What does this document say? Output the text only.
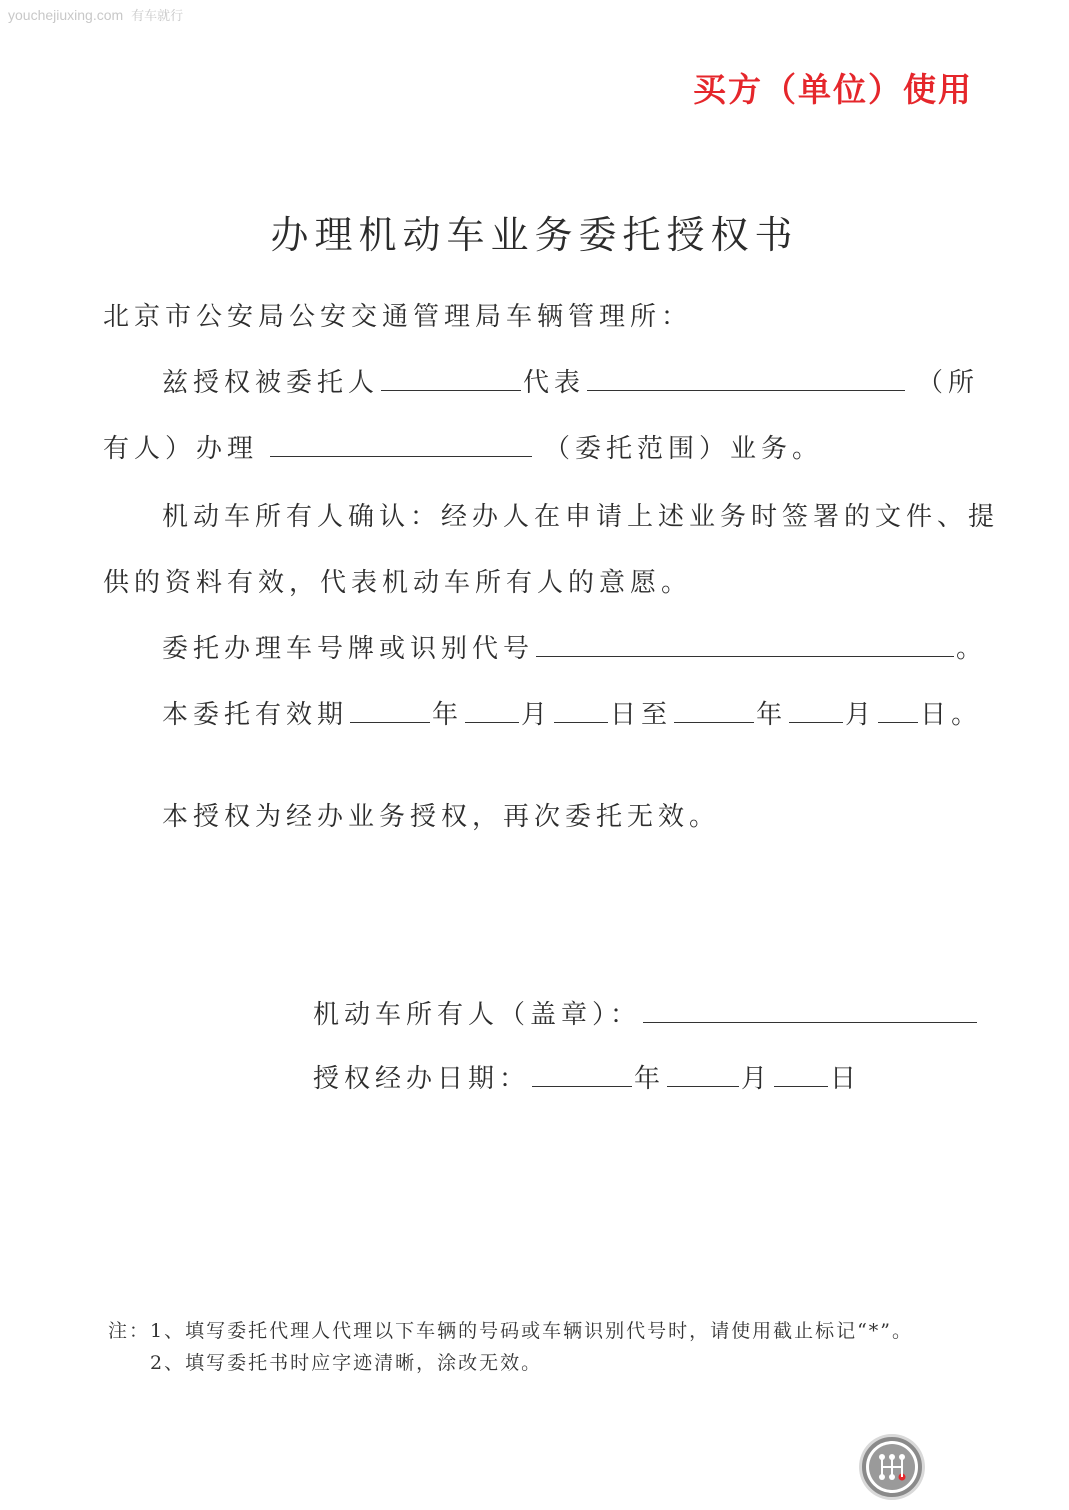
youchejiuxing.com 有车就行
买方（单位）使用
办理机动车业务委托授权书
北京市公安局公安交通管理局车辆管理所：
兹授权被委托人	代表	（所
有人）办理	（委托范围）业务。
机动车所有人确认：经办人在申请上述业务时签署的文件、提
供的资料有效，代表机动车所有人的意愿。
委托办理车号牌或识别代号	。
本委托有效期	年 月 日至	年 月 日。
本授权为经办业务授权，再次委托无效。
机动车所有人（盖章）：
授权经办日期：	年	月 日
注：1、填写委托代理人代理以下车辆的号码或车辆识别代号时，请使用截止标记“*”。
2、填写委托书时应字迹清晰，涂改无效。
